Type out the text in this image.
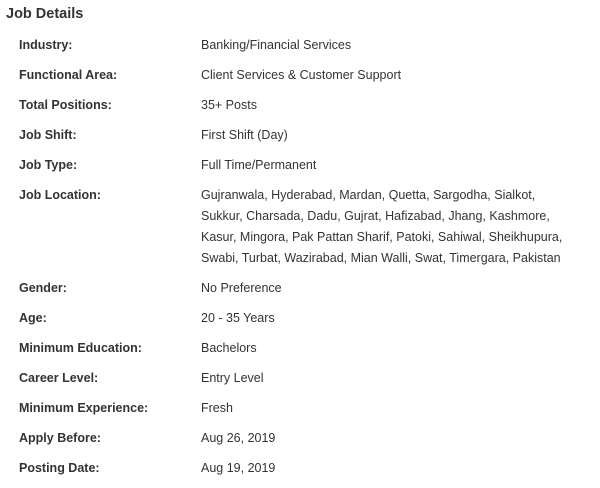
Job Details
Industry:	Banking/Financial Services
Functional Area:	Client Services & Customer Support
Total Positions:	35+ Posts
Job Shift:	First Shift (Day)
Job Type:	Full Time/Permanent
Job Location:	Gujranwala, Hyderabad, Mardan, Quetta, Sargodha, Sialkot,
Sukkur, Charsada, Dadu, Gujrat, Hafizabad, Jhang, Kashmore,
Kasur, Mingora, Pak Pattan Sharif, Patoki, Sahiwal, Sheikhupura,
Swabi, Turbat, Wazirabad, Mian Walli, Swat, Timergara, Pakistan
Gender:	No Preference
Age:	20 - 35 Years
Minimum Education:	Bachelors
Career Level:	Entry Level
Minimum Experience:	Fresh
Apply Before:	Aug 26, 2019
Posting Date:	Aug 19, 2019
